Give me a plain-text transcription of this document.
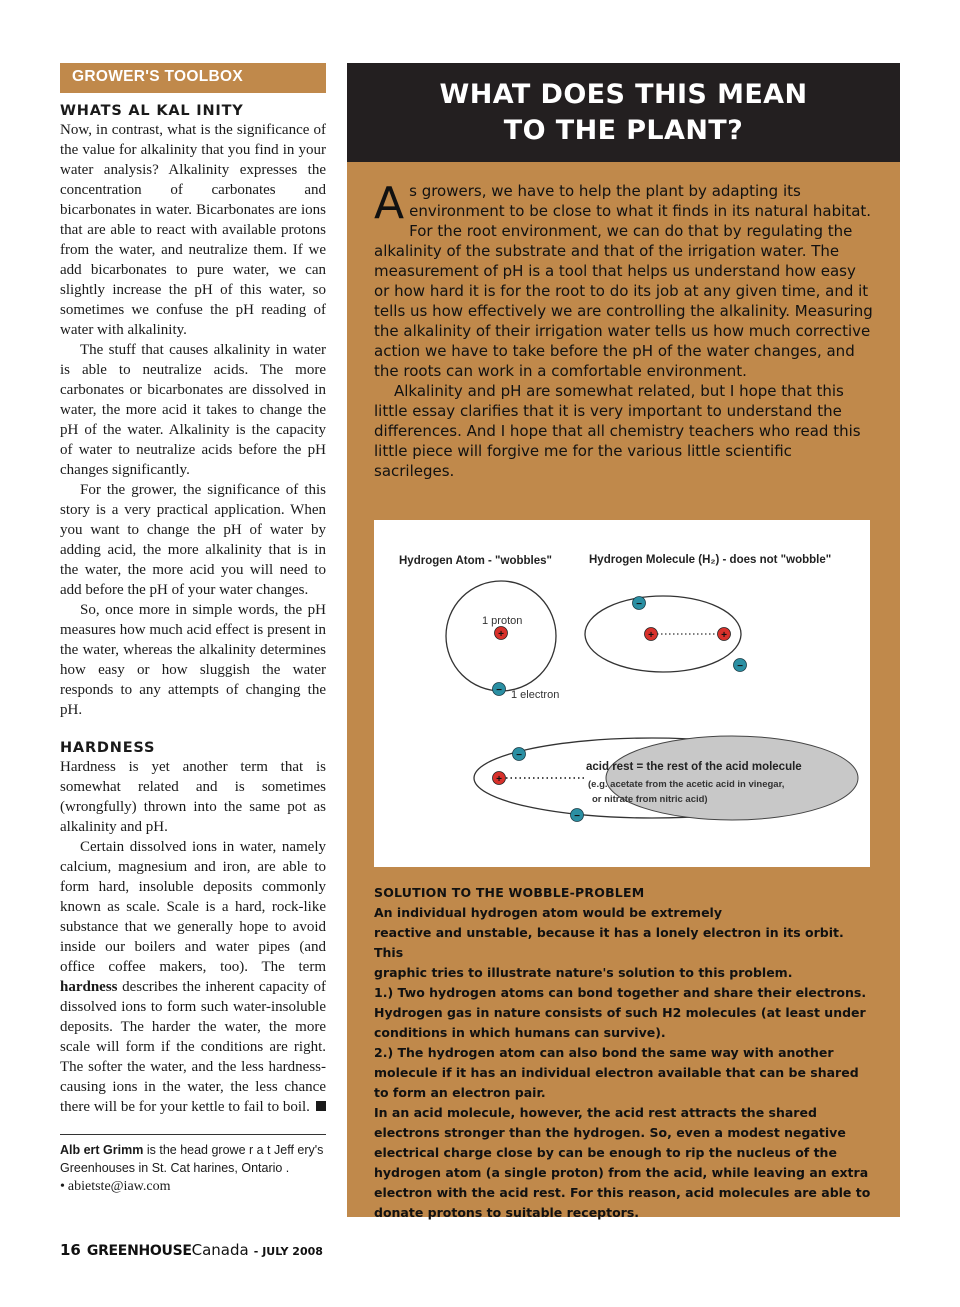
GROWER'S TOOLBOX
WHATS AL KAL INITY

Now, in contrast, what is the significance of the value for alkalinity that you find in your water analysis? Alkalinity expresses the concentration of carbonates and bicarbonates in water. Bicarbonates are ions that are able to react with available protons from the water, and neutralize them. If we add bicarbonates to pure water, we can slightly increase the pH of this water, so sometimes we confuse the pH reading of water with alkalinity.

The stuff that causes alkalinity in water is able to neutralize acids. The more carbonates or bicarbonates are dissolved in water, the more acid it takes to change the pH of the water. Alkalinity is the capacity of water to neutralize acids before the pH changes significantly.

For the grower, the significance of this story is a very practical application. When you want to change the pH of water by adding acid, the more alkalinity that is in the water, the more acid you will need to add before the pH of your water changes.

So, once more in simple words, the pH measures how much acid effect is present in the water, whereas the alkalinity determines how easy or how sluggish the water responds to any attempts of changing the pH.

HARDNESS

Hardness is yet another term that is somewhat related and is sometimes (wrongfully) thrown into the same pot as alkalinity and pH.

Certain dissolved ions in water, namely calcium, magnesium and iron, are able to form hard, insoluble deposits commonly known as scale. Scale is a hard, rock-like substance that we generally hope to avoid inside our boilers and water pipes (and office coffee makers, too). The term hardness describes the inherent capacity of dissolved ions to form such water-insoluble deposits. The harder the water, the more scale will form if the conditions are right. The softer the water, and the less hardness-causing ions in the water, the less chance there will be for your kettle to fail to boil.

Alb ert Grimm is the head growe r a t Jeff ery's Greenhouses in St. Cat harines, Ontario .

• abietste@iaw.com

WHAT DOES THIS MEAN
TO THE PLANT?

As growers, we have to help the plant by adapting its environment to be close to what it finds in its natural habitat. For the root environment, we can do that by regulating the alkalinity of the substrate and that of the irrigation water. The measurement of pH is a tool that helps us understand how easy or how hard it is for the root to do its job at any given time, and it tells us how effectively we are controlling the alkalinity. Measuring the alkalinity of their irrigation water tells us how much corrective action we have to take before the pH of the water changes, and the roots can work in a comfortable environment.

Alkalinity and pH are somewhat related, but I hope that this little essay clarifies that it is very important to understand the differences. And I hope that all chemistry teachers who read this little piece will forgive me for the various little scientific sacrileges.

Hydrogen Atom - "wobbles"	Hydrogen Molecule (H₂) - does not "wobble"
1 proton
+
− 1 electron
+	+
−
−
+
−
−
acid rest = the rest of the acid molecule
(e.g. acetate from the acetic acid in vinegar,
or nitrate from nitric acid)

SOLUTION TO THE WOBBLE-PROBLEM

An individual hydrogen atom would be extremely

reactive and unstable, because it has a lonely electron in its orbit. This

graphic tries to illustrate nature's solution to this problem.

1.) Two hydrogen atoms can bond together and share their electrons.

Hydrogen gas in nature consists of such H2 molecules (at least under

conditions in which humans can survive).

2.) The hydrogen atom can also bond the same way with another

molecule if it has an individual electron available that can be shared

to form an electron pair.

In an acid molecule, however, the acid rest attracts the shared

electrons stronger than the hydrogen. So, even a modest negative

electrical charge close by can be enough to rip the nucleus of the

hydrogen atom (a single proton) from the acid, while leaving an extra

electron with the acid rest. For this reason, acid molecules are able to

donate protons to suitable receptors.

16 GREENHOUSECanada - JULY 2008
